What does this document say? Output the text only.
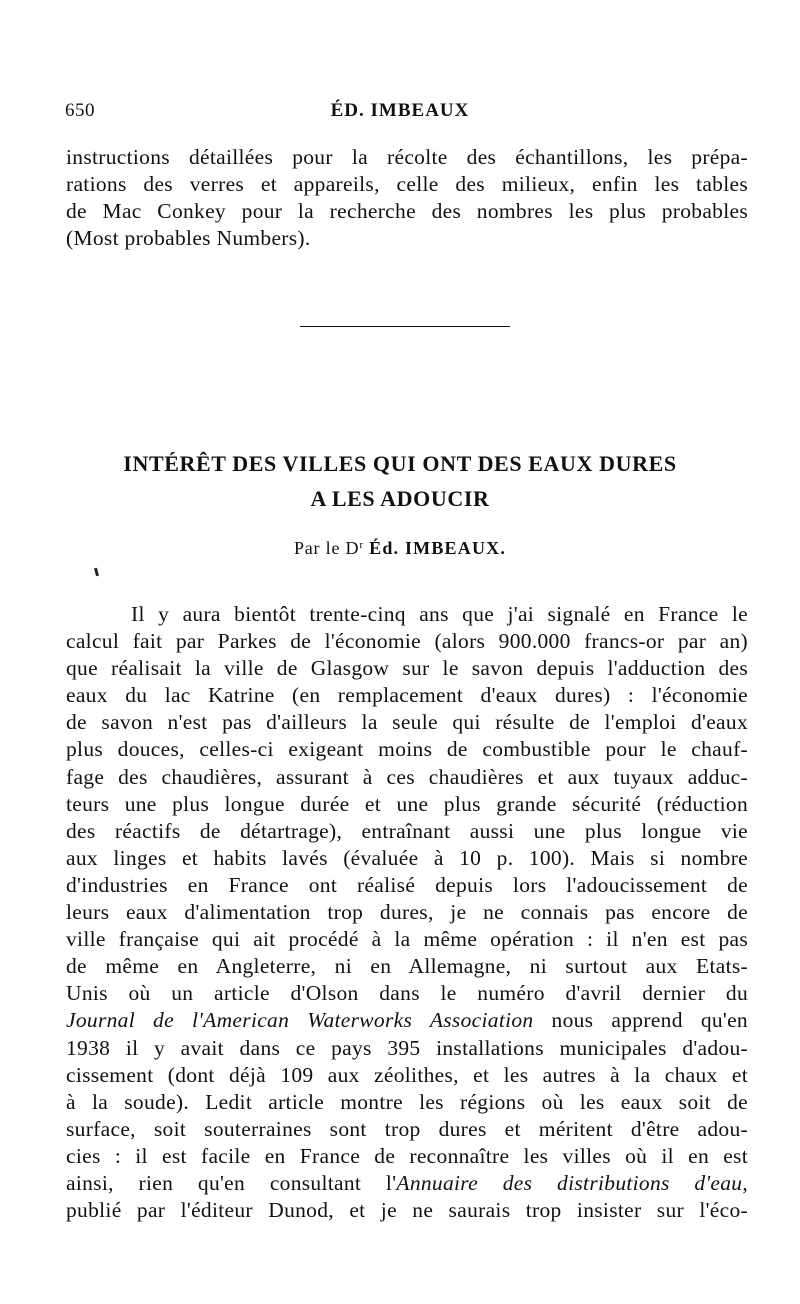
650	ÉD. IMBEAUX
instructions détaillées pour la récolte des échantillons, les prépa-
rations des verres et appareils, celle des milieux, enfin les tables
de Mac Conkey pour la recherche des nombres les plus probables
(Most probables Numbers).
INTÉRÊT DES VILLES QUI ONT DES EAUX DURES
A LES ADOUCIR
Par le $D^r$ Éd. IMBEAUX.
Il y aura bientôt trente-cinq ans que j'ai signalé en France le
calcul fait par Parkes de l'économie (alors 900.000 francs-or par an)
que réalisait la ville de Glasgow sur le savon depuis l'adduction des
eaux du lac Katrine (en remplacement d'eaux dures) : l'économie
de savon n'est pas d'ailleurs la seule qui résulte de l'emploi d'eaux
plus douces, celles-ci exigeant moins de combustible pour le chauf-
fage des chaudières, assurant à ces chaudières et aux tuyaux adduc-
teurs une plus longue durée et une plus grande sécurité (réduction
des réactifs de détartrage), entraînant aussi une plus longue vie
aux linges et habits lavés (évaluée à 10 p. 100). Mais si nombre
d'industries en France ont réalisé depuis lors l'adoucissement de
leurs eaux d'alimentation trop dures, je ne connais pas encore de
ville française qui ait procédé à la même opération : il n'en est pas
de même en Angleterre, ni en Allemagne, ni surtout aux Etats-
Unis où un article d'Olson dans le numéro d'avril dernier du
Journal de l'American Waterworks Association nous apprend qu'en
1938 il y avait dans ce pays 395 installations municipales d'adou-
cissement (dont déjà 109 aux zéolithes, et les autres à la chaux et
à la soude). Ledit article montre les régions où les eaux soit de
surface, soit souterraines sont trop dures et méritent d'être adou-
cies : il est facile en France de reconnaître les villes où il en est
ainsi, rien qu'en consultant l'Annuaire des distributions d'eau,
publié par l'éditeur Dunod, et je ne saurais trop insister sur l'éco-
